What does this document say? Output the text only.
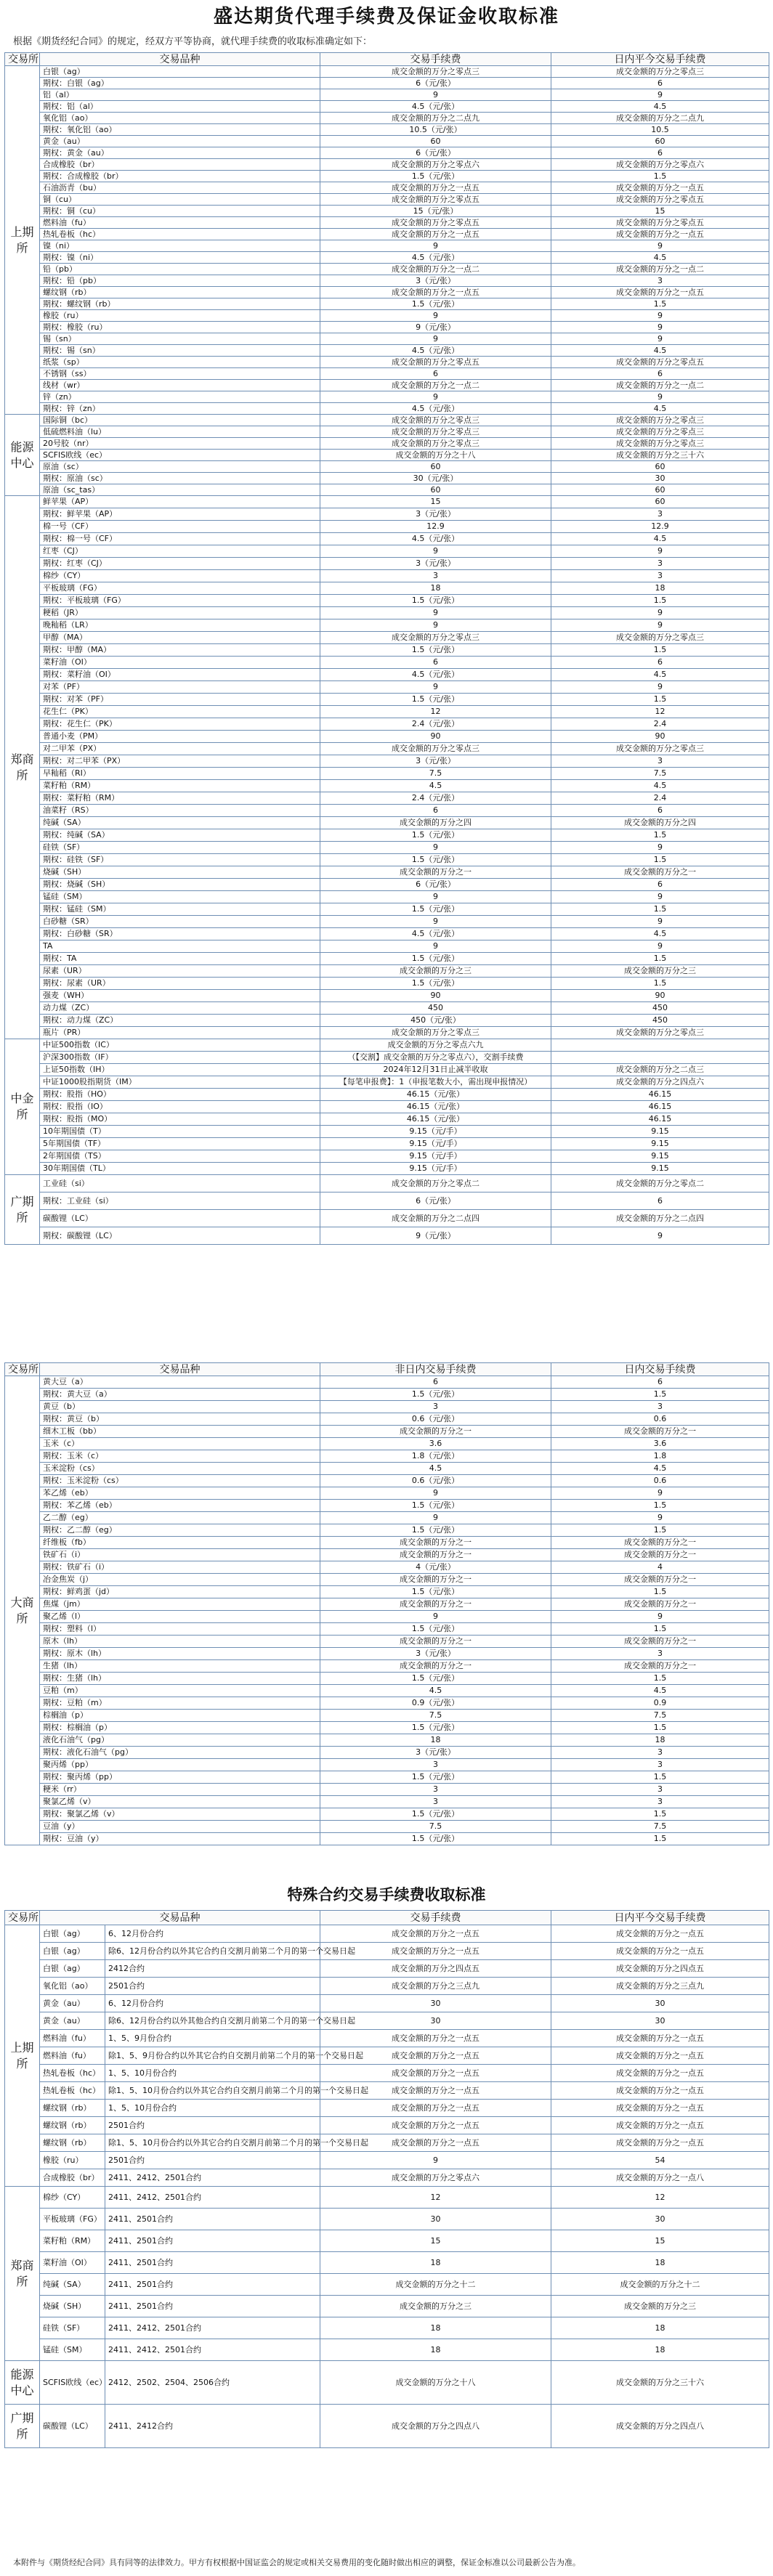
盛达期货代理手续费及保证金收取标准
根据《期货经纪合同》的规定，经双方平等协商，就代理手续费的收取标准确定如下：
交易所	交易品种	交易手续费	日内平今交易手续费
上期所	白银（ag）	成交金额的万分之零点三	成交金额的万分之零点三
	期权：白银（ag）	6（元/张）	6
	铝（al）	9	9
	期权：铝（al）	4.5（元/张）	4.5
	氧化铝（ao）	成交金额的万分之二点九	成交金额的万分之二点九
	期权：氧化铝（ao）	10.5（元/张）	10.5
	黄金（au）	60	60
	期权：黄金（au）	6（元/张）	6
	合成橡胶（br）	成交金额的万分之零点六	成交金额的万分之零点六
	期权：合成橡胶（br）	1.5（元/张）	1.5
	石油沥青（bu）	成交金额的万分之一点五	成交金额的万分之一点五
	铜（cu）	成交金额的万分之零点五	成交金额的万分之零点五
	期权：铜（cu）	15（元/张）	15
	燃料油（fu）	成交金额的万分之零点五	成交金额的万分之零点五
	热轧卷板（hc）	成交金额的万分之一点五	成交金额的万分之一点五
	镍（ni）	9	9
	期权：镍（ni）	4.5（元/张）	4.5
	铅（pb）	成交金额的万分之一点二	成交金额的万分之一点二
	期权：铅（pb）	3（元/张）	3
	螺纹钢（rb）	成交金额的万分之一点五	成交金额的万分之一点五
	期权：螺纹钢（rb）	1.5（元/张）	1.5
	橡胶（ru）	9	9
	期权：橡胶（ru）	9（元/张）	9
	锡（sn）	9	9
	期权：锡（sn）	4.5（元/张）	4.5
	纸浆（sp）	成交金额的万分之零点五	成交金额的万分之零点五
	不锈钢（ss）	6	6
	线材（wr）	成交金额的万分之一点二	成交金额的万分之一点二
	锌（zn）	9	9
	期权：锌（zn）	4.5（元/张）	4.5
能源中心	国际铜（bc）	成交金额的万分之零点三	成交金额的万分之零点三
	低硫燃料油（lu）	成交金额的万分之零点三	成交金额的万分之零点三
	20号胶（nr）	成交金额的万分之零点三	成交金额的万分之零点三
	SCFIS欧线（ec）	成交金额的万分之十八	成交金额的万分之三十六
	原油（sc）	60	60
	期权：原油（sc）	30（元/张）	30
	原油（sc_tas）	60	60
郑商所	鲜苹果（AP）	15	60
	期权：鲜苹果（AP）	3（元/张）	3
	棉一号（CF）	12.9	12.9
	期权：棉一号（CF）	4.5（元/张）	4.5
	红枣（CJ）	9	9
	期权：红枣（CJ）	3（元/张）	3
	棉纱（CY）	3	3
	平板玻璃（FG）	18	18
	期权：平板玻璃（FG）	1.5（元/张）	1.5
	粳稻（JR）	9	9
	晚籼稻（LR）	9	9
	甲醇（MA）	成交金额的万分之零点三	成交金额的万分之零点三
	期权：甲醇（MA）	1.5（元/张）	1.5
	菜籽油（OI）	6	6
	期权：菜籽油（OI）	4.5（元/张）	4.5
	对苯（PF）	9	9
	期权：对苯（PF）	1.5（元/张）	1.5
	花生仁（PK）	12	12
	期权：花生仁（PK）	2.4（元/张）	2.4
	普通小麦（PM）	90	90
	对二甲苯（PX）	成交金额的万分之零点三	成交金额的万分之零点三
	期权：对二甲苯（PX）	3（元/张）	3
	早籼稻（RI）	7.5	7.5
	菜籽粕（RM）	4.5	4.5
	期权：菜籽粕（RM）	2.4（元/张）	2.4
	油菜籽（RS）	6	6
	纯碱（SA）	成交金额的万分之四	成交金额的万分之四
	期权：纯碱（SA）	1.5（元/张）	1.5
	硅铁（SF）	9	9
	期权：硅铁（SF）	1.5（元/张）	1.5
	烧碱（SH）	成交金额的万分之一	成交金额的万分之一
	期权：烧碱（SH）	6（元/张）	6
	锰硅（SM）	9	9
	期权：锰硅（SM）	1.5（元/张）	1.5
	白砂糖（SR）	9	9
	期权：白砂糖（SR）	4.5（元/张）	4.5
	TA	9	9
	期权：TA	1.5（元/张）	1.5
	尿素（UR）	成交金额的万分之三	成交金额的万分之三
	期权：尿素（UR）	1.5（元/张）	1.5
	强麦（WH）	90	90
	动力煤（ZC）	450	450
	期权：动力煤（ZC）	450（元/张）	450
	瓶片（PR）	成交金额的万分之零点三	成交金额的万分之零点三
中金所	中证500指数（IC）	成交金额的万分之零点六九	
	沪深300指数（IF）	（【交割】成交金额的万分之零点六），交割手续费	
	上证50指数（IH）	2024年12月31日止减半收取	成交金额的万分之二点三
	中证1000股指期货（IM）	【每笔申报费】：1（申报笔数大小，需出现申报情况）	成交金额的万分之四点六
	期权：股指（HO）	46.15（元/张）	46.15
	期权：股指（IO）	46.15（元/张）	46.15
	期权：股指（MO）	46.15（元/张）	46.15
	10年期国债（T）	9.15（元/手）	9.15
	5年期国债（TF）	9.15（元/手）	9.15
	2年期国债（TS）	9.15（元/手）	9.15
	30年期国债（TL）	9.15（元/手）	9.15
广期所	工业硅（si）	成交金额的万分之零点二	成交金额的万分之零点二
	期权：工业硅（si）	6（元/张）	6
	碳酸锂（LC）	成交金额的万分之二点四	成交金额的万分之二点四
	期权：碳酸锂（LC）	9（元/张）	9
交易所	交易品种	非日内交易手续费	日内交易手续费
大商所	黄大豆（a）	6	6
	期权：黄大豆（a）	1.5（元/张）	1.5
	黄豆（b）	3	3
	期权：黄豆（b）	0.6（元/张）	0.6
	细木工板（bb）	成交金额的万分之一	成交金额的万分之一
	玉米（c）	3.6	3.6
	期权：玉米（c）	1.8（元/张）	1.8
	玉米淀粉（cs）	4.5	4.5
	期权：玉米淀粉（cs）	0.6（元/张）	0.6
	苯乙烯（eb）	9	9
	期权：苯乙烯（eb）	1.5（元/张）	1.5
	乙二醇（eg）	9	9
	期权：乙二醇（eg）	1.5（元/张）	1.5
	纤维板（fb）	成交金额的万分之一	成交金额的万分之一
	铁矿石（i）	成交金额的万分之一	成交金额的万分之一
	期权：铁矿石（i）	4（元/张）	4
	冶金焦炭（j）	成交金额的万分之一	成交金额的万分之一
	期权：鲜鸡蛋（jd）	1.5（元/张）	1.5
	焦煤（jm）	成交金额的万分之一	成交金额的万分之一
	聚乙烯（l）	9	9
	期权：塑料（l）	1.5（元/张）	1.5
	原木（lh）	成交金额的万分之一	成交金额的万分之一
	期权：原木（lh）	3（元/张）	3
	生猪（lh）	成交金额的万分之一	成交金额的万分之一
	期权：生猪（lh）	1.5（元/张）	1.5
	豆粕（m）	4.5	4.5
	期权：豆粕（m）	0.9（元/张）	0.9
	棕榈油（p）	7.5	7.5
	期权：棕榈油（p）	1.5（元/张）	1.5
	液化石油气（pg）	18	18
	期权：液化石油气（pg）	3（元/张）	3
	聚丙烯（pp）	3	3
	期权：聚丙烯（pp）	1.5（元/张）	1.5
	粳米（rr）	3	3
	聚氯乙烯（v）	3	3
	期权：聚氯乙烯（v）	1.5（元/张）	1.5
	豆油（y）	7.5	7.5
	期权：豆油（y）	1.5（元/张）	1.5
特殊合约交易手续费收取标准
交易所	交易品种		交易手续费	日内平今交易手续费
上期所	白银（ag）	6、12月份合约	成交金额的万分之一点五	成交金额的万分之一点五
	白银（ag）	除6、12月份合约以外其它合约自交割月前第二个月的第一个交易日起	成交金额的万分之一点五	成交金额的万分之一点五
	白银（ag）	2412合约	成交金额的万分之四点五	成交金额的万分之四点五
	氧化铝（ao）	2501合约	成交金额的万分之三点九	成交金额的万分之三点九
	黄金（au）	6、12月份合约	30	30
	黄金（au）	除6、12月份合约以外其他合约自交割月前第二个月的第一个交易日起	30	30
	燃料油（fu）	1、5、9月份合约	成交金额的万分之一点五	成交金额的万分之一点五
	燃料油（fu）	除1、5、9月份合约以外其它合约自交割月前第二个月的第一个交易日起	成交金额的万分之一点五	成交金额的万分之一点五
	热轧卷板（hc）	1、5、10月份合约	成交金额的万分之一点五	成交金额的万分之一点五
	热轧卷板（hc）	除1、5、10月份合约以外其它合约自交割月前第二个月的第一个交易日起	成交金额的万分之一点五	成交金额的万分之一点五
	螺纹钢（rb）	1、5、10月份合约	成交金额的万分之一点五	成交金额的万分之一点五
	螺纹钢（rb）	2501合约	成交金额的万分之一点五	成交金额的万分之一点五
	螺纹钢（rb）	除1、5、10月份合约以外其它合约自交割月前第二个月的第一个交易日起	成交金额的万分之一点五	成交金额的万分之一点五
	橡胶（ru）	2501合约	9	54
	合成橡胶（br）	2411、2412、2501合约	成交金额的万分之零点六	成交金额的万分之一点八
郑商所	棉纱（CY）	2411、2412、2501合约	12	12
	平板玻璃（FG）	2411、2501合约	30	30
	菜籽粕（RM）	2411、2501合约	15	15
	菜籽油（OI）	2411、2501合约	18	18
	纯碱（SA）	2411、2501合约	成交金额的万分之十二	成交金额的万分之十二
	烧碱（SH）	2411、2501合约	成交金额的万分之三	成交金额的万分之三
	硅铁（SF）	2411、2412、2501合约	18	18
	锰硅（SM）	2411、2412、2501合约	18	18
能源中心	SCFIS欧线（ec）	2412、2502、2504、2506合约	成交金额的万分之十八	成交金额的万分之三十六
广期所	碳酸锂（LC）	2411、2412合约	成交金额的万分之四点八	成交金额的万分之四点八
本附件与《期货经纪合同》具有同等的法律效力。甲方有权根据中国证监会的规定或相关交易费用的变化随时做出相应的调整，保证金标准以公司最新公告为准。
